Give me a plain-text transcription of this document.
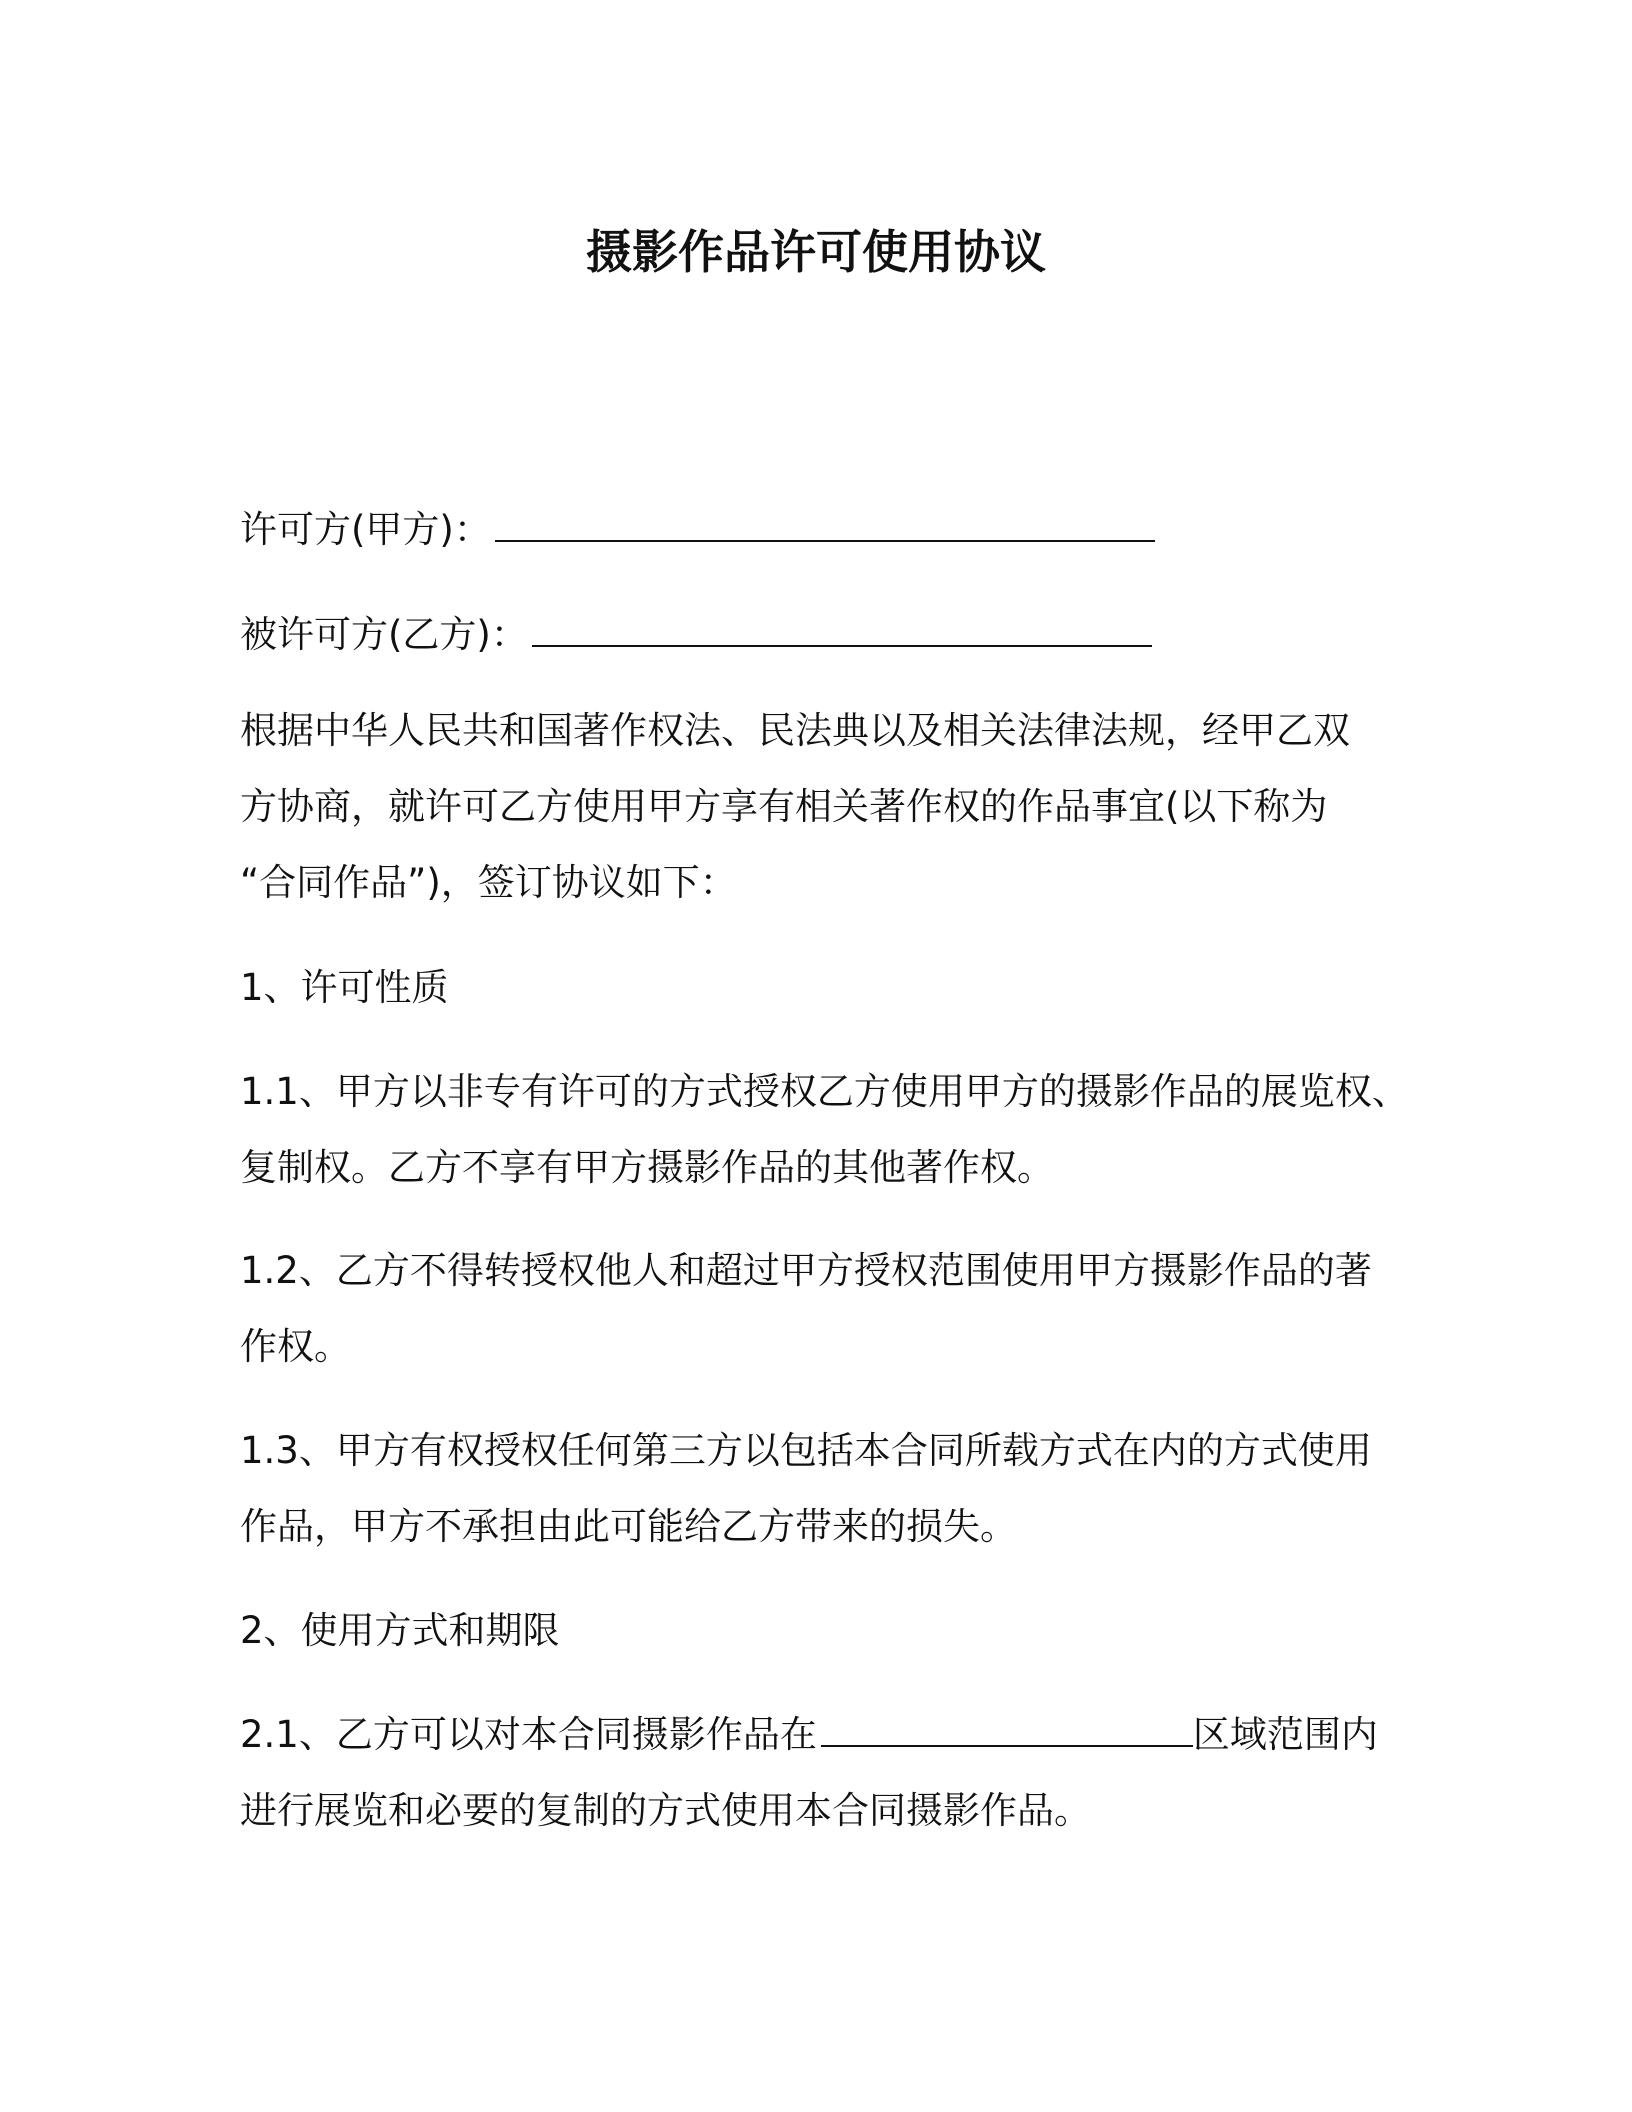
摄影作品许可使用协议
许可方(甲方)：
被许可方(乙方)：
根据中华人民共和国著作权法、民法典以及相关法律法规，经甲乙双
方协商，就许可乙方使用甲方享有相关著作权的作品事宜(以下称为
“合同作品”)，签订协议如下：
1、许可性质
1.1、甲方以非专有许可的方式授权乙方使用甲方的摄影作品的展览权、
复制权。乙方不享有甲方摄影作品的其他著作权。
1.2、乙方不得转授权他人和超过甲方授权范围使用甲方摄影作品的著
作权。
1.3、甲方有权授权任何第三方以包括本合同所载方式在内的方式使用
作品，甲方不承担由此可能给乙方带来的损失。
2、使用方式和期限
2.1、乙方可以对本合同摄影作品在	区域范围内
进行展览和必要的复制的方式使用本合同摄影作品。
